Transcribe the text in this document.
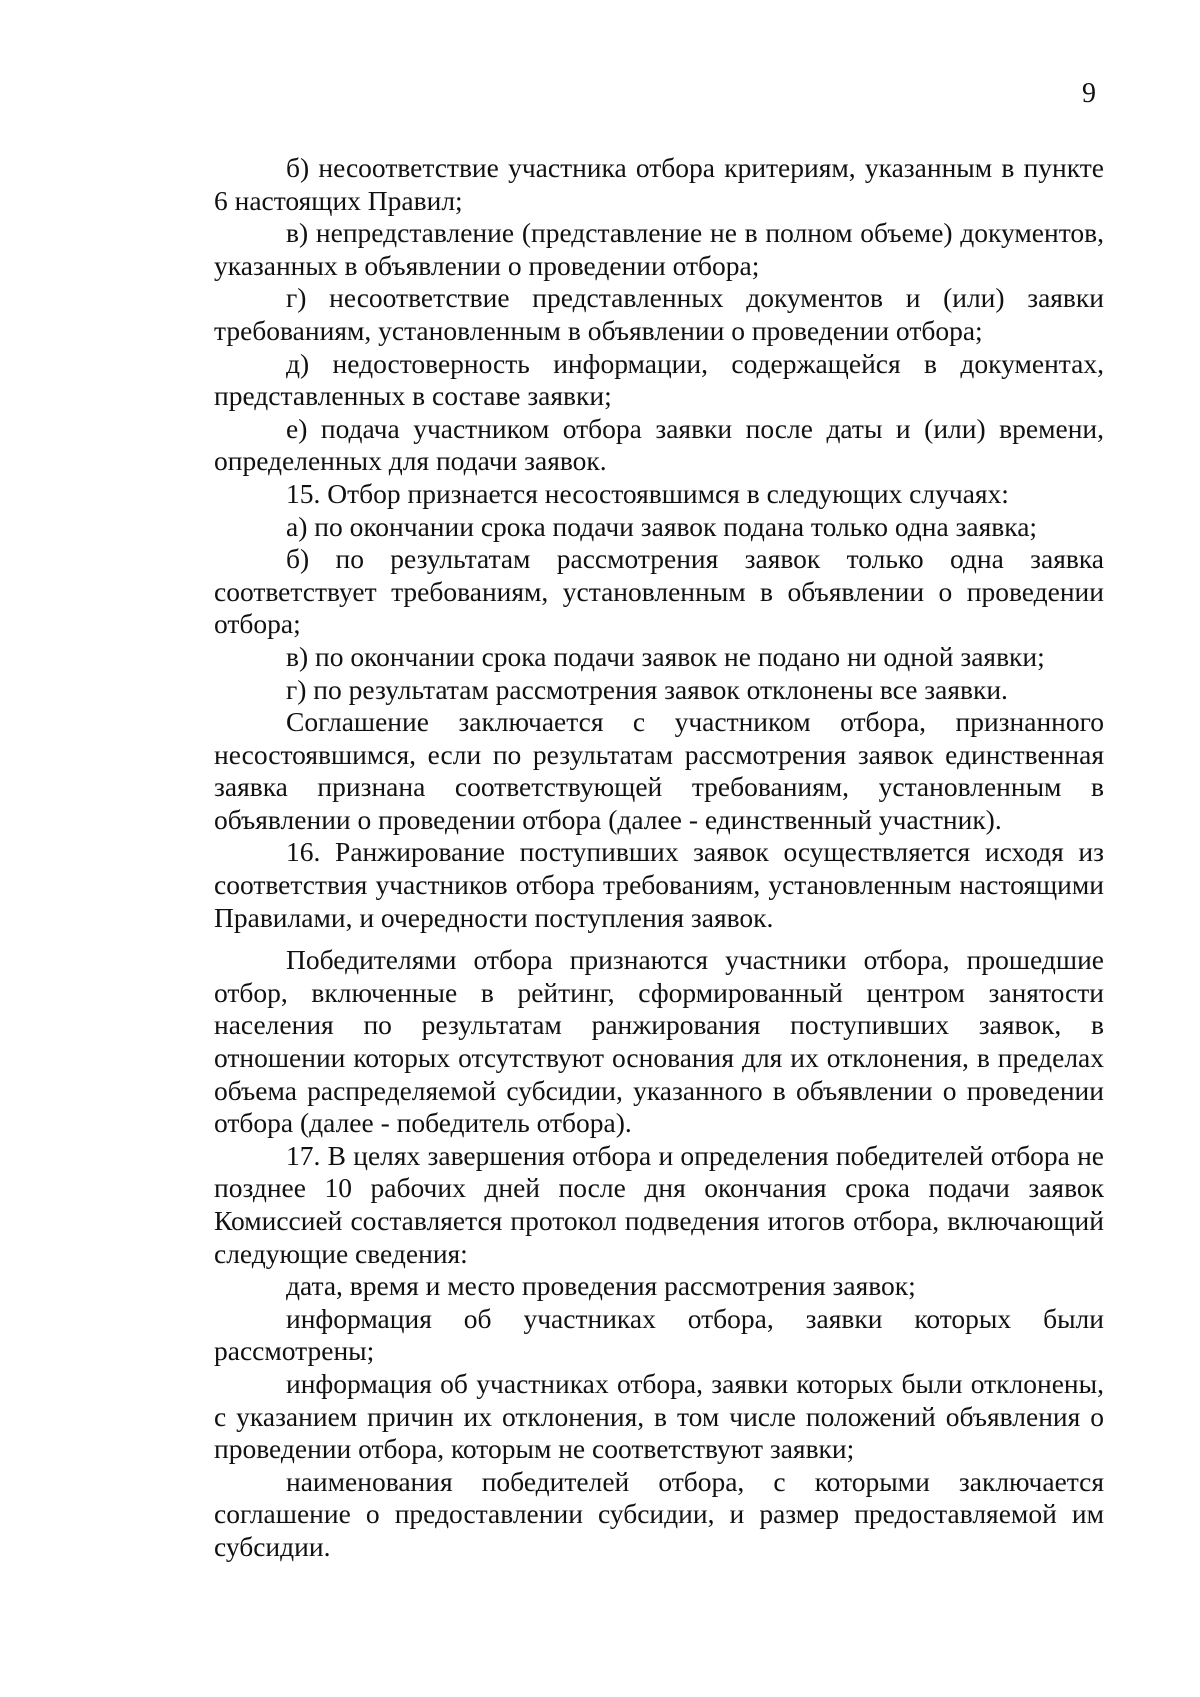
9

б) несоответствие участника отбора критериям, указанным в пункте 6 настоящих Правил;

в) непредставление (представление не в полном объеме) документов, указанных в объявлении о проведении отбора;

г) несоответствие представленных документов и (или) заявки требованиям, установленным в объявлении о проведении отбора;

д) недостоверность информации, содержащейся в документах, представленных в составе заявки;

е) подача участником отбора заявки после даты и (или) времени, определенных для подачи заявок.

15. Отбор признается несостоявшимся в следующих случаях:

а) по окончании срока подачи заявок подана только одна заявка;

б) по результатам рассмотрения заявок только одна заявка соответствует требованиям, установленным в объявлении о проведении отбора;

в) по окончании срока подачи заявок не подано ни одной заявки;

г) по результатам рассмотрения заявок отклонены все заявки.

Соглашение заключается с участником отбора, признанного несостоявшимся, если по результатам рассмотрения заявок единственная заявка признана соответствующей требованиям, установленным в объявлении о проведении отбора (далее - единственный участник).

16. Ранжирование поступивших заявок осуществляется исходя из соответствия участников отбора требованиям, установленным настоящими Правилами, и очередности поступления заявок.

Победителями отбора признаются участники отбора, прошедшие отбор, включенные в рейтинг, сформированный центром занятости населения по результатам ранжирования поступивших заявок, в отношении которых отсутствуют основания для их отклонения, в пределах объема распределяемой субсидии, указанного в объявлении о проведении отбора (далее - победитель отбора).

17. В целях завершения отбора и определения победителей отбора не позднее 10 рабочих дней после дня окончания срока подачи заявок Комиссией составляется протокол подведения итогов отбора, включающий следующие сведения:

дата, время и место проведения рассмотрения заявок;

информация об участниках отбора, заявки которых были рассмотрены;

информация об участниках отбора, заявки которых были отклонены, с указанием причин их отклонения, в том числе положений объявления о проведении отбора, которым не соответствуют заявки;

наименования победителей отбора, с которыми заключается соглашение о предоставлении субсидии, и размер предоставляемой им субсидии.
